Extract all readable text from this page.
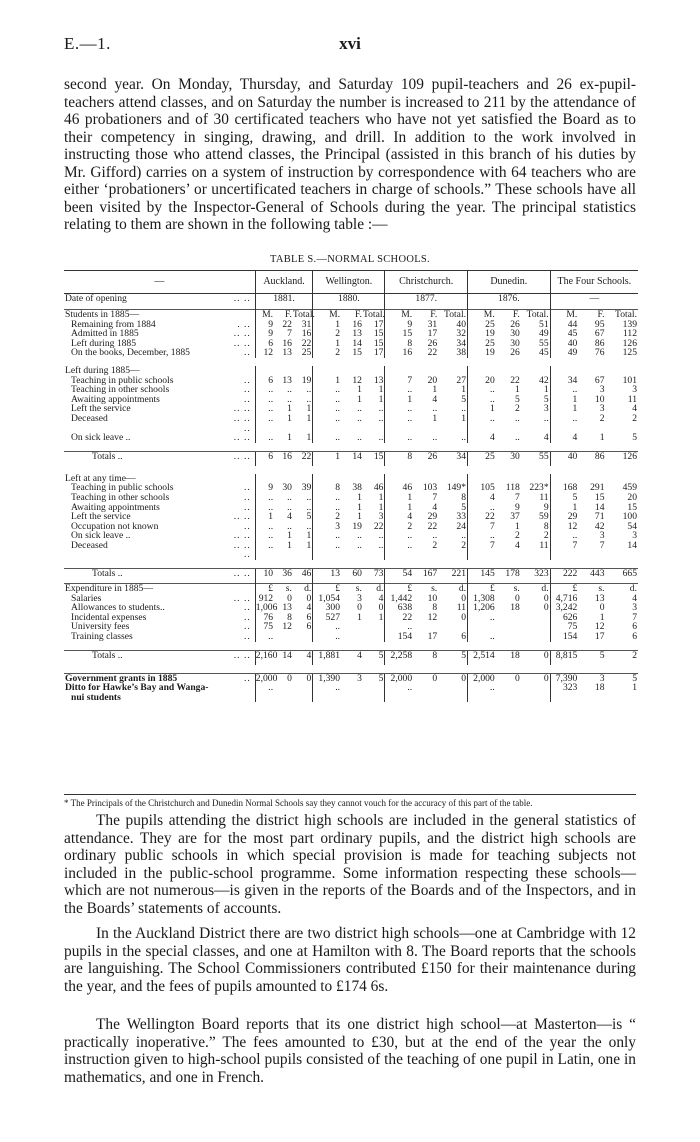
E.—1.	xvi

second year. On Monday, Thursday, and Saturday 109 pupil-teachers and 26 ex-pupil-teachers attend classes, and on Saturday the number is increased to 211 by the attendance of 46 probationers and of 30 certificated teachers who have not yet satisfied the Board as to their competency in singing, drawing, and drill. In addition to the work involved in instructing those who attend classes, the Principal (assisted in this branch of his duties by Mr. Gifford) carries on a system of instruction by correspondence with 64 teachers who are either ‘probationers’ or uncertificated teachers in charge of schools.” These schools have all been visited by the Inspector-General of Schools during the year. The principal statistics relating to them are shown in the following table :—

TABLE S.—NORMAL SCHOOLS.
—		Auckland.			Wellington.			Christchurch.			Dunedin.			The Four Schools.		
Date of opening	.. ..	1881.			1880.			1877.			1876.			—		

Students in 1885—		M.	F.	Total.	M.	F.	Total.	M.	F.	Total.	M.	F.	Total.	M.	F.	Total.
Remaining from 1884	. ..	9	22	31	1	16	17	9	31	40	25	26	51	44	95	139
Admitted in 1885	.. ..	9	7	16	2	13	15	15	17	32	19	30	49	45	67	112
Left during 1885	.. ..	6	16	22	1	14	15	8	26	34	25	30	55	40	86	126
On the books, December, 1885	..	12	13	25	2	15	17	16	22	38	19	26	45	49	76	125

Left during 1885—																
Teaching in public schools	..	6	13	19	1	12	13	7	20	27	20	22	42	34	67	101
Teaching in other schools	..	..	..	..	..	1	1	..	1	1	..	1	1	..	3	3
Awaiting appointments	..	..	..	..	..	1	1	1	4	5	..	5	5	1	10	11
Left the service	.. ..	..	1	1	..	..	..	..	..	..	1	2	3	1	3	4
Deceased	.. .. ..	..	1	1	..	..	..	..	1	1	..	..	..	..	2	2
On sick leave ..	.. ..	..	1	1	..	..	..	..	..	..	4	..	4	4	1	5

Totals ..	.. ..	6	16	22	1	14	15	8	26	34	25	30	55	40	86	126

Left at any time—																
Teaching in public schools	..	9	30	39	8	38	46	46	103	149*	105	118	223*	168	291	459
Teaching in other schools	..	..	..	..	..	1	1	1	7	8	4	7	11	5	15	20
Awaiting appointments	..	..	..	..	..	1	1	1	4	5	..	9	9	1	14	15
Left the service	.. ..	1	4	5	2	1	3	4	29	33	22	37	59	29	71	100
Occupation not known	..	..	..	..	3	19	22	2	22	24	7	1	8	12	42	54
On sick leave ..	.. ..	..	1	1	..	..	..	..	..	..	..	2	2	..	3	3
Deceased	.. .. ..	..	1	1	..	..	..	..	2	2	7	4	11	7	7	14

Totals ..	.. ..	10	36	46	13	60	73	54	167	221	145	178	323	222	443	665

Expenditure in 1885—		£	s.	d.	£	s.	d.	£	s.	d.	£	s.	d.	£	s.	d.
Salaries	.. ..	912	0	0	1,054	3	4	1,442	10	0	1,308	0	0	4,716	13	4
Allowances to students..	..	1,006	13	4	300	0	0	638	8	11	1,206	18	0	3,242	0	3
Incidental expenses	..	76	8	6	527	1	1	22	12	0	..			626	1	7
University fees	..	75	12	6	..			..						75	12	6
Training classes	..	..			..			154	17	6	..			154	17	6

Totals ..	.. ..	2,160	14	4	1,881	4	5	2,258	8	5	2,514	18	0	8,815	5	2

Government grants in 1885	..	2,000	0	0	1,390	3	5	2,000	0	0	2,000	0	0	7,390	3	5
Ditto for Hawke’s Bay and Wanga-		..			..			..			..			323	18	1
nui students																

* The Principals of the Christchurch and Dunedin Normal Schools say they cannot vouch for the accuracy of this part of the table.

The pupils attending the district high schools are included in the general statistics of attendance. They are for the most part ordinary pupils, and the district high schools are ordinary public schools in which special provision is made for teaching subjects not included in the public-school programme. Some information respecting these schools—which are not numerous—is given in the reports of the Boards and of the Inspectors, and in the Boards’ statements of accounts.

In the Auckland District there are two district high schools—one at Cambridge with 12 pupils in the special classes, and one at Hamilton with 8. The Board reports that the schools are languishing. The School Commissioners contributed £150 for their maintenance during the year, and the fees of pupils amounted to £174 6s.

The Wellington Board reports that its one district high school—at Masterton—is “ practically inoperative.” The fees amounted to £30, but at the end of the year the only instruction given to high-school pupils consisted of the teaching of one pupil in Latin, one in mathematics, and one in French.
